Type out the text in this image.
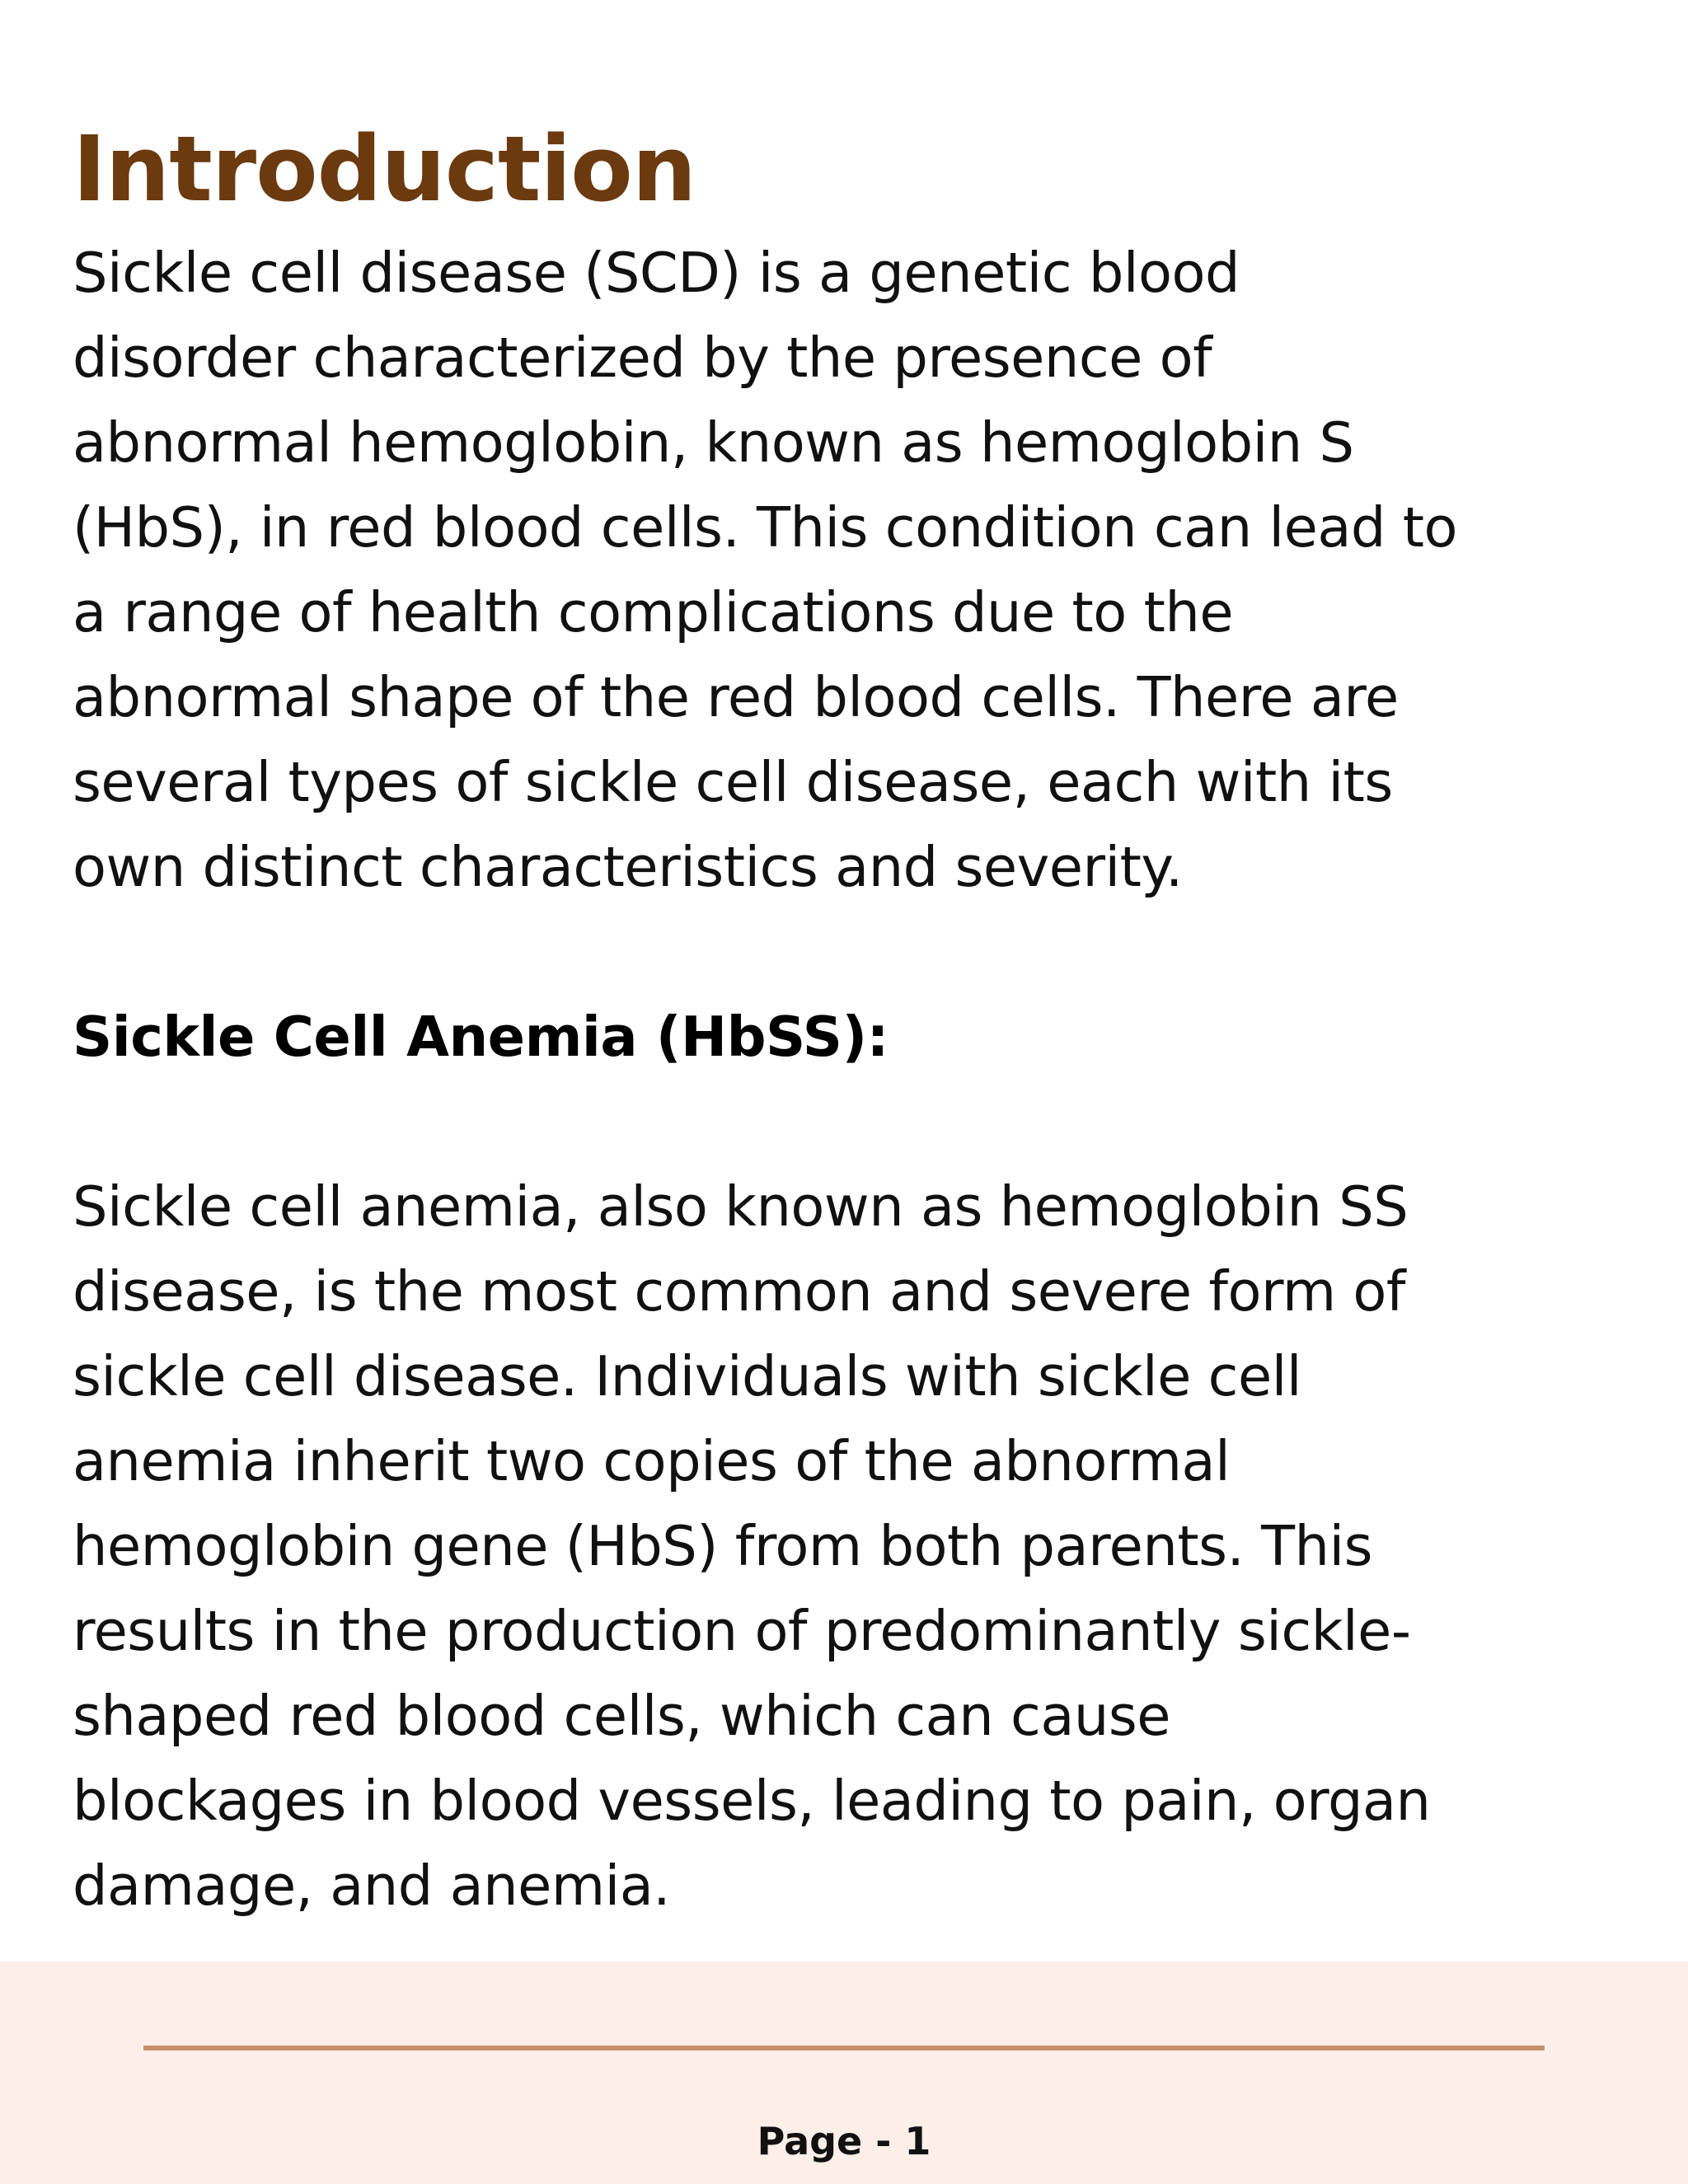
Introduction

Sickle cell disease (SCD) is a genetic blood
disorder characterized by the presence of
abnormal hemoglobin, known as hemoglobin S
(HbS), in red blood cells. This condition can lead to
a range of health complications due to the
abnormal shape of the red blood cells. There are
several types of sickle cell disease, each with its
own distinct characteristics and severity.

Sickle Cell Anemia (HbSS):

Sickle cell anemia, also known as hemoglobin SS
disease, is the most common and severe form of
sickle cell disease. Individuals with sickle cell
anemia inherit two copies of the abnormal
hemoglobin gene (HbS) from both parents. This
results in the production of predominantly sickle-
shaped red blood cells, which can cause
blockages in blood vessels, leading to pain, organ
damage, and anemia.

Page - 1
